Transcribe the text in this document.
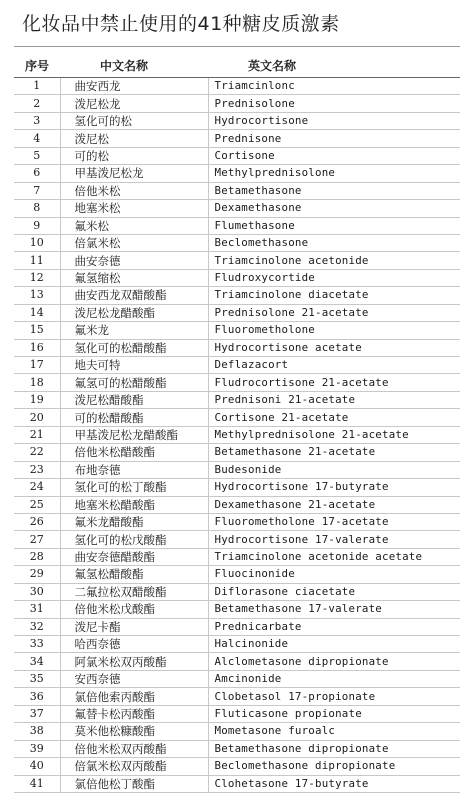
化妆品中禁止使用的41种糖皮质激素
序号	中文名称	英文名称
1	曲安西龙	Triamcinlonc
2	泼尼松龙	Prednisolone
3	氢化可的松	Hydrocortisone
4	泼尼松	Prednisone
5	可的松	Cortisone
6	甲基泼尼松龙	Methylprednisolone
7	倍他米松	Betamethasone
8	地塞米松	Dexamethasone
9	氟米松	Flumethasone
10	倍氯米松	Beclomethasone
11	曲安奈德	Triamcinolone acetonide
12	氟氢缩松	Fludroxycortide
13	曲安西龙双醋酸酯	Triamcinolone diacetate
14	泼尼松龙醋酸酯	Prednisolone 21-acetate
15	氟米龙	Fluorometholone
16	氢化可的松醋酸酯	Hydrocortisone acetate
17	地夫可特	Deflazacort
18	氟氢可的松醋酸酯	Fludrocortisone 21-acetate
19	泼尼松醋酸酯	Prednisoni 21-acetate
20	可的松醋酸酯	Cortisone 21-acetate
21	甲基泼尼松龙醋酸酯	Methylprednisolone 21-acetate
22	倍他米松醋酸酯	Betamethasone 21-acetate
23	布地奈德	Budesonide
24	氢化可的松丁酸酯	Hydrocortisone 17-butyrate
25	地塞米松醋酸酯	Dexamethasone 21-acetate
26	氟米龙醋酸酯	Fluorometholone 17-acetate
27	氢化可的松戊酸酯	Hydrocortisone 17-valerate
28	曲安奈德醋酸酯	Triamcinolone acetonide acetate
29	氟氢松醋酸酯	Fluocinonide
30	二氟拉松双醋酸酯	Diflorasone ciacetate
31	倍他米松戊酸酯	Betamethasone 17-valerate
32	泼尼卡酯	Prednicarbate
33	哈西奈德	Halcinonide
34	阿氯米松双丙酸酯	Alclometasone dipropionate
35	安西奈德	Amcinonide
36	氯倍他索丙酸酯	Clobetasol 17-propionate
37	氟替卡松丙酸酯	Fluticasone propionate
38	莫米他松糠酸酯	Mometasone furoalc
39	倍他米松双丙酸酯	Betamethasone dipropionate
40	倍氯米松双丙酸酯	Beclomethasone dipropionate
41	氯倍他松丁酸酯	Clohetasone 17-butyrate
